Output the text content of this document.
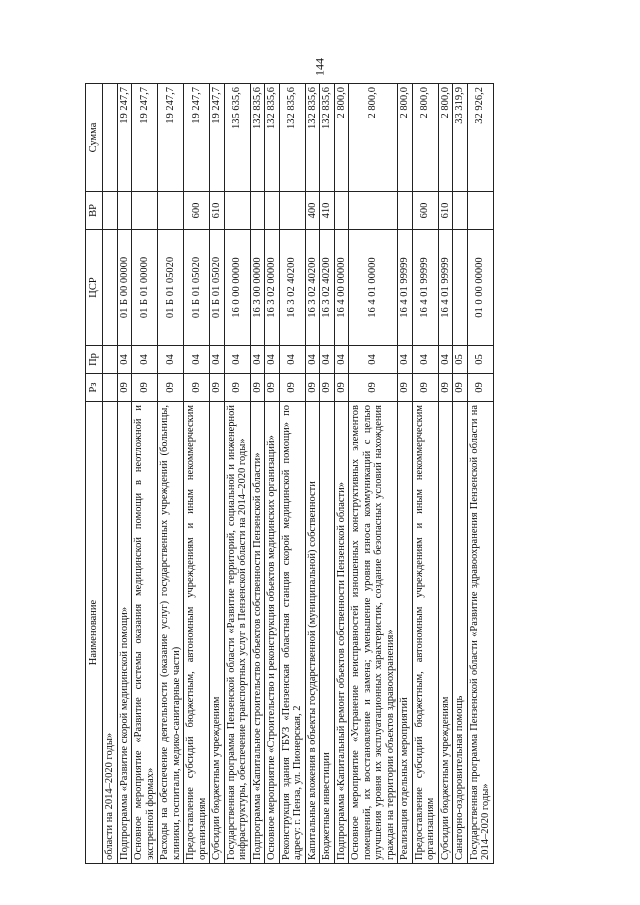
144
Наименование	Рз	Пр	ЦСР	ВР	Сумма
области на 2014–2020 годы»					
Подпрограмма «Развитие скорой медицинской помощи»	09	04	01 Б 00 00000		19 247,7
Основное мероприятие «Развитие системы оказания медицинской помощи в неотложной и экстренной формах»	09	04	01 Б 01 00000		19 247,7
Расходы на обеспечение деятельности (оказание услуг) государственных учреждений (больницы, клиники, госпитали, медико-санитарные части)	09	04	01 Б 01 05020		19 247,7
Предоставление субсидий бюджетным, автономным учреждениям и иным некоммерческим организациям	09	04	01 Б 01 05020	600	19 247,7
Субсидии бюджетным учреждениям	09	04	01 Б 01 05020	610	19 247,7
Государственная программа Пензенской области «Развитие территорий, социальной и инженерной инфраструктуры, обеспечение транспортных услуг в Пензенской области на 2014–2020 годы»	09	04	16 0 00 00000		135 635,6
Подпрограмма «Капитальное строительство объектов собственности Пензенской области»	09	04	16 3 00 00000		132 835,6
Основное мероприятие «Строительство и реконструкция объектов медицинских организаций»	09	04	16 3 02 00000		132 835,6
Реконструкция здания ГБУЗ «Пензенская областная станция скорой медицинской помощи» по адресу: г. Пенза, ул. Пионерская, 2	09	04	16 3 02 40200		132 835,6
Капитальные вложения в объекты государственной (муниципальной) собственности	09	04	16 3 02 40200	400	132 835,6
Бюджетные инвестиции	09	04	16 3 02 40200	410	132 835,6
Подпрограмма «Капитальный ремонт объектов собственности Пензенской области»	09	04	16 4 00 00000		2 800,0
Основное мероприятие «Устранение неисправностей изношенных конструктивных элементов помещений, их восстановление и замена; уменьшение уровня износа коммуникаций с целью улучшения уровня их эксплуатационных характеристик, создание безопасных условий нахождения граждан на территории объектов здравоохранения»	09	04	16 4 01 00000		2 800,0
Реализация отдельных мероприятий	09	04	16 4 01 99999		2 800,0
Предоставление субсидий бюджетным, автономным учреждениям и иным некоммерческим организациям	09	04	16 4 01 99999	600	2 800,0
Субсидии бюджетным учреждениям	09	04	16 4 01 99999	610	2 800,0
Санаторно-оздоровительная помощь	09	05			33 319,9
Государственная программа Пензенской области «Развитие здравоохранения Пензенской области на 2014–2020 годы»	09	05	01 0 00 00000		32 926,2
